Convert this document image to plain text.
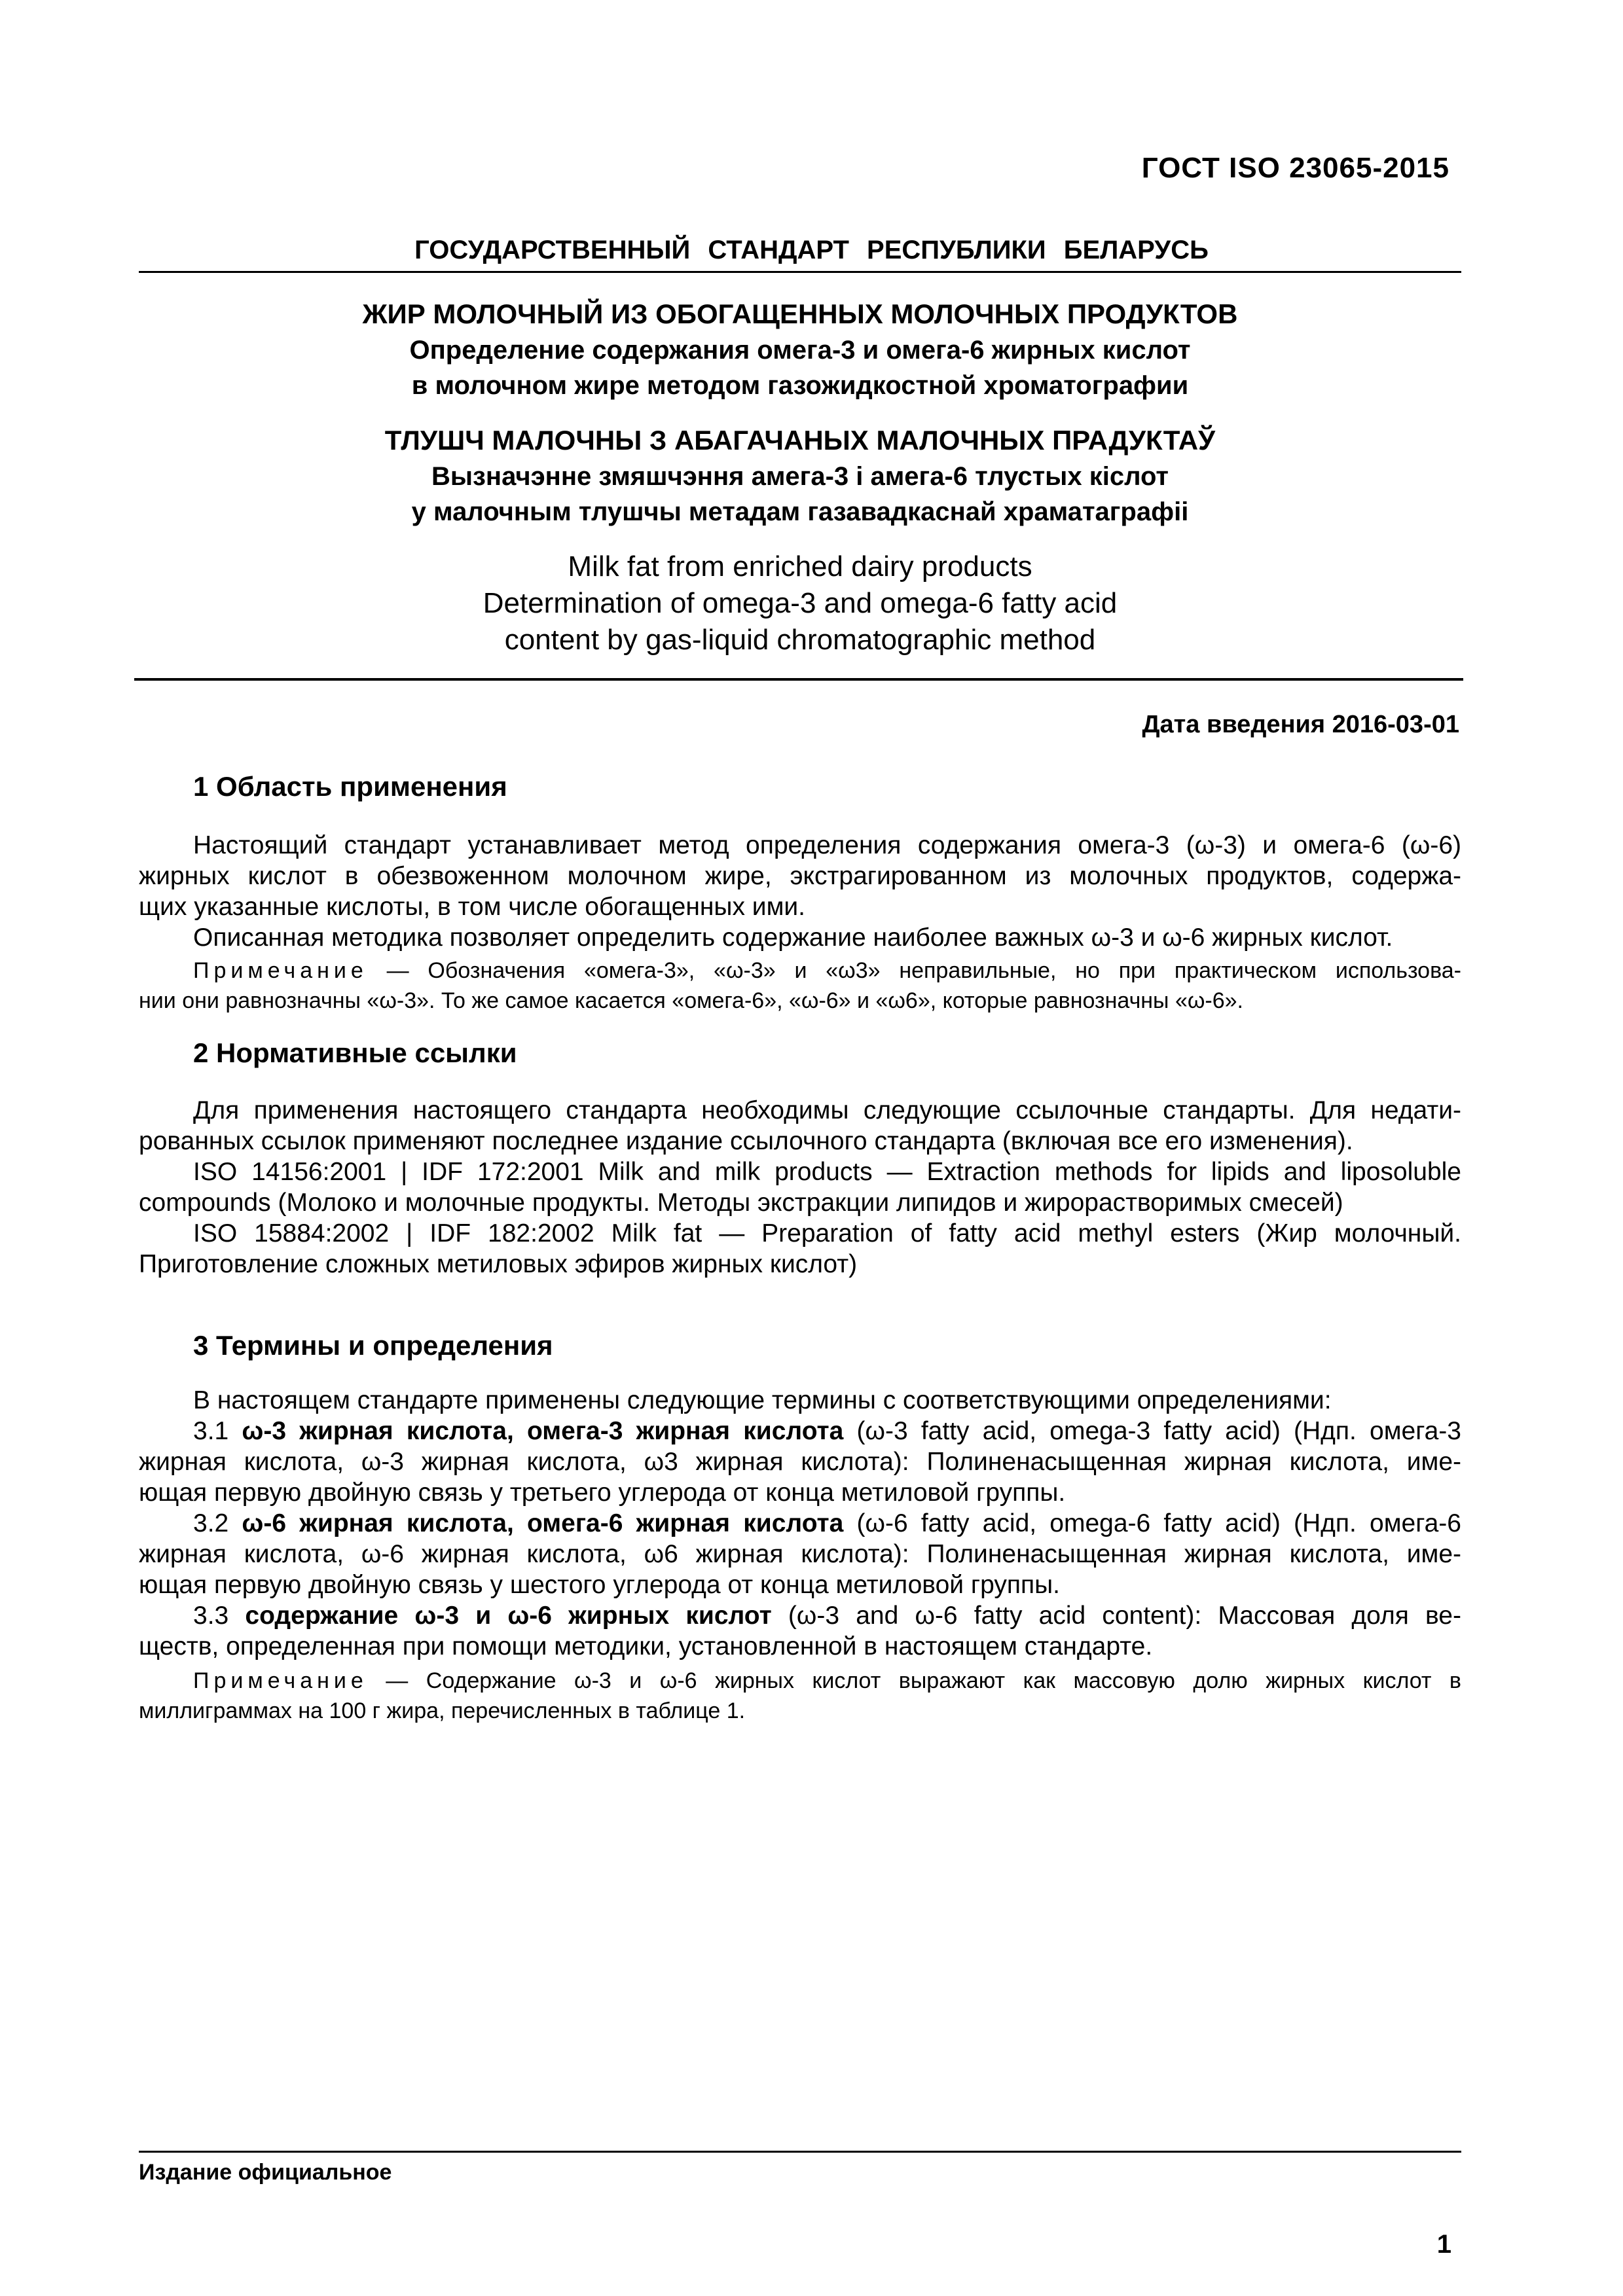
ГОСТ ISO 23065-2015
ГОСУДАРСТВЕННЫЙ СТАНДАРТ РЕСПУБЛИКИ БЕЛАРУСЬ
ЖИР МОЛОЧНЫЙ ИЗ ОБОГАЩЕННЫХ МОЛОЧНЫХ ПРОДУКТОВ
Определение содержания омега-3 и омега-6 жирных кислот
в молочном жире методом газожидкостной хроматографии
ТЛУШЧ МАЛОЧНЫ З АБАГАЧАНЫХ МАЛОЧНЫХ ПРАДУКТАЎ
Вызначэнне змяшчэння амега-3 і амега-6 тлустых кіслот
у малочным тлушчы метадам газавадкаснай храматаграфіі
Milk fat from enriched dairy products
Determination of omega-3 and omega-6 fatty acid
content by gas-liquid chromatographic method
Дата введения 2016-03-01
1 Область применения
Настоящий стандарт устанавливает метод определения содержания омега-3 (ω-3) и омега-6 (ω-6)
жирных кислот в обезвоженном молочном жире, экстрагированном из молочных продуктов, содержа-
щих указанные кислоты, в том числе обогащенных ими.
Описанная методика позволяет определить содержание наиболее важных ω-3 и ω-6 жирных кислот.
Примечание — Обозначения «омега-3», «ω-3» и «ω3» неправильные, но при практическом использова-
нии они равнозначны «ω-3». То же самое касается «омега-6», «ω-6» и «ω6», которые равнозначны «ω-6».
2 Нормативные ссылки
Для применения настоящего стандарта необходимы следующие ссылочные стандарты. Для недати-
рованных ссылок применяют последнее издание ссылочного стандарта (включая все его изменения).
ISO 14156:2001 | IDF 172:2001 Milk and milk products — Extraction methods for lipids and liposoluble
compounds (Молоко и молочные продукты. Методы экстракции липидов и жирорастворимых смесей)
ISO 15884:2002 | IDF 182:2002 Milk fat — Preparation of fatty acid methyl esters (Жир молочный.
Приготовление сложных метиловых эфиров жирных кислот)
3 Термины и определения
В настоящем стандарте применены следующие термины с соответствующими определениями:
3.1 ω-3 жирная кислота, омега-3 жирная кислота (ω-3 fatty acid, omega-3 fatty acid) (Ндп. омега-3
жирная кислота, ω-3 жирная кислота, ω3 жирная кислота): Полиненасыщенная жирная кислота, име-
ющая первую двойную связь у третьего углерода от конца метиловой группы.
3.2 ω-6 жирная кислота, омега-6 жирная кислота (ω-6 fatty acid, omega-6 fatty acid) (Ндп. омега-6
жирная кислота, ω-6 жирная кислота, ω6 жирная кислота): Полиненасыщенная жирная кислота, име-
ющая первую двойную связь у шестого углерода от конца метиловой группы.
3.3 содержание ω-3 и ω-6 жирных кислот (ω-3 and ω-6 fatty acid content): Массовая доля ве-
ществ, определенная при помощи методики, установленной в настоящем стандарте.
Примечание — Содержание ω-3 и ω-6 жирных кислот выражают как массовую долю жирных кислот в
миллиграммах на 100 г жира, перечисленных в таблице 1.
Издание официальное
1
